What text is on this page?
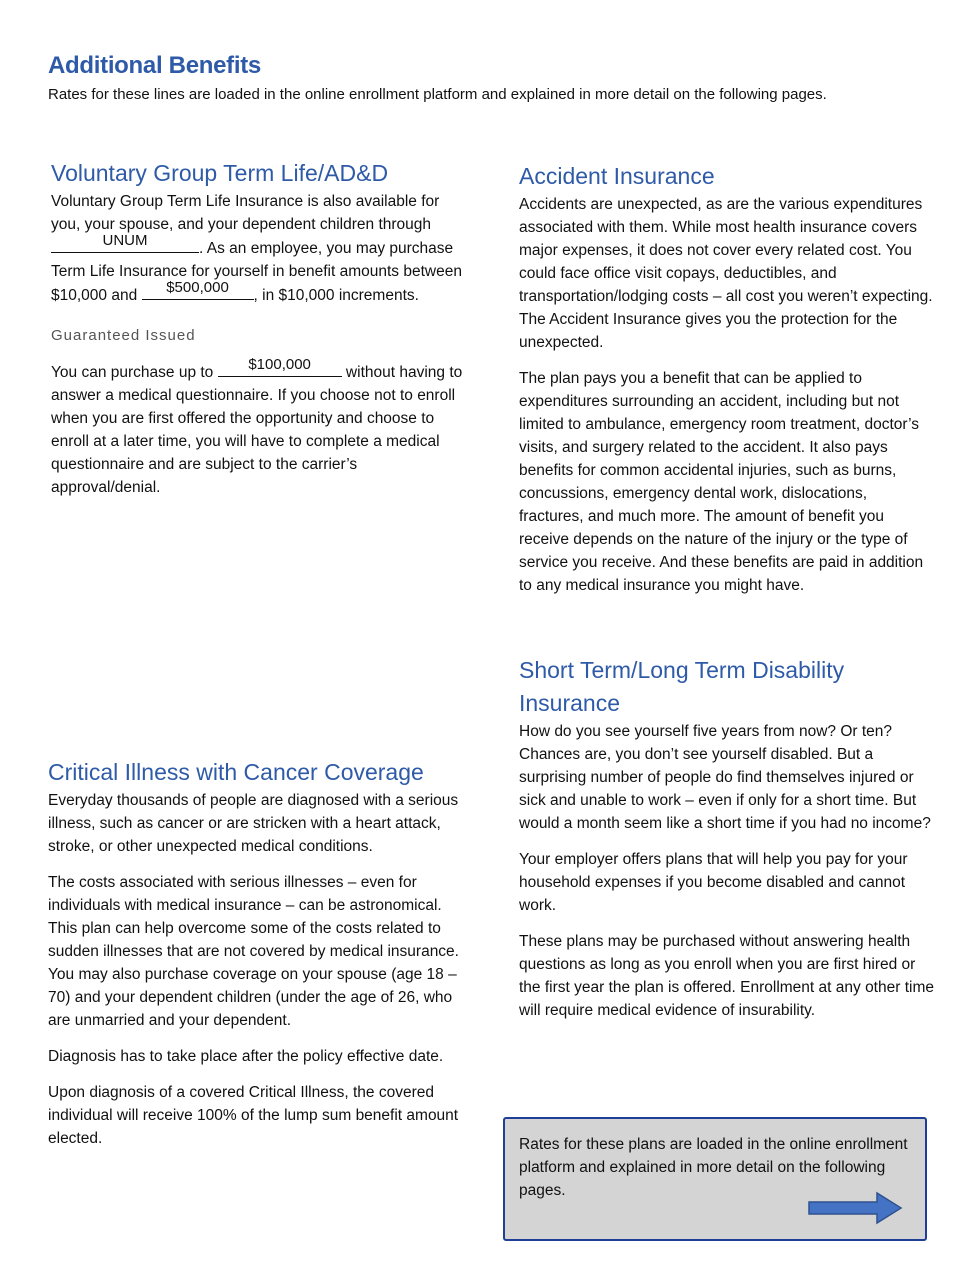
Additional Benefits
Rates for these lines are loaded in the online enrollment platform and explained in more detail on the following pages.
Voluntary Group Term Life/AD&D

Voluntary Group Term Life Insurance is also available for you, your spouse, and your dependent children through
UNUM	. As an employee, you may purchase Term Life Insurance for yourself in benefit amounts between $10,000 and	$500,000	, in $10,000 increments.

Guaranteed Issued

You can purchase up to	$100,000	without having to answer a medical questionnaire. If you choose not to enroll when you are first offered the opportunity and choose to enroll at a later time, you will have to complete a medical questionnaire and are subject to the carrier’s approval/denial.

Accident Insurance

Accidents are unexpected, as are the various expenditures associated with them. While most health insurance covers major expenses, it does not cover every related cost. You could face office visit copays, deductibles, and transportation/lodging costs – all cost you weren’t expecting. The Accident Insurance gives you the protection for the unexpected.

The plan pays you a benefit that can be applied to expenditures surrounding an accident, including but not limited to ambulance, emergency room treatment, doctor’s visits, and surgery related to the accident. It also pays benefits for common accidental injuries, such as burns, concussions, emergency dental work, dislocations, fractures, and much more. The amount of benefit you receive depends on the nature of the injury or the type of service you receive. And these benefits are paid in addition to any medical insurance you might have.

Short Term/Long Term Disability Insurance

How do you see yourself five years from now? Or ten? Chances are, you don’t see yourself disabled. But a surprising number of people do find themselves injured or sick and unable to work – even if only for a short time. But would a month seem like a short time if you had no income?

Your employer offers plans that will help you pay for your household expenses if you become disabled and cannot work.

These plans may be purchased without answering health questions as long as you enroll when you are first hired or the first year the plan is offered. Enrollment at any other time will require medical evidence of insurability.

Critical Illness with Cancer Coverage

Everyday thousands of people are diagnosed with a serious illness, such as cancer or are stricken with a heart attack, stroke, or other unexpected medical conditions.

The costs associated with serious illnesses – even for individuals with medical insurance – can be astronomical. This plan can help overcome some of the costs related to sudden illnesses that are not covered by medical insurance. You may also purchase coverage on your spouse (age 18 – 70) and your dependent children (under the age of 26, who are unmarried and your dependent.

Diagnosis has to take place after the policy effective date.

Upon diagnosis of a covered Critical Illness, the covered individual will receive 100% of the lump sum benefit amount elected.	Rates for these plans are loaded in the online enrollment platform and explained in more detail on the following pages.
